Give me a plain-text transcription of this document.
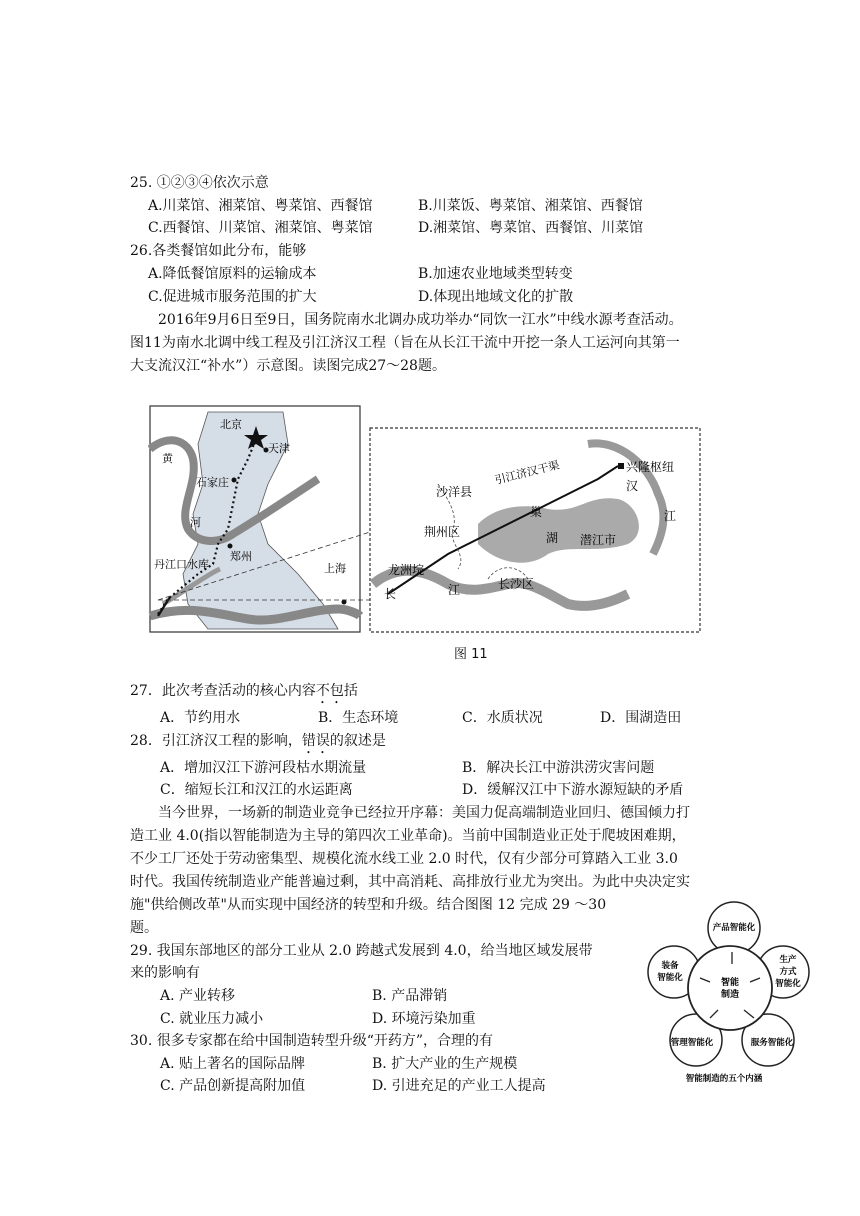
25. ①②③④依次示意
A.川菜馆、湘菜馆、粤菜馆、西餐馆	B.川菜饭、粤菜馆、湘菜馆、西餐馆
C.西餐馆、川菜馆、湘菜馆、粤菜馆	D.湘菜馆、粤菜馆、西餐馆、川菜馆
26.各类餐馆如此分布，能够
A.降低餐馆原料的运输成本	B.加速农业地域类型转变
C.促进城市服务范围的扩大	D.体现出地域文化的扩散
2016年9月6日至9日，国务院南水北调办成功举办“同饮一江水”中线水源考查活动。
图11为南水北调中线工程及引江济汉工程（旨在从长江干流中开挖一条人工运河向其第一
大支流汉江“补水”）示意图。读图完成27～28题。
北京
天津
黄
石家庄
河
郑州
丹江口水库	上海
兴隆枢纽
汉
江
沙洋县
引江济汉干渠
荆州区
巢
湖 潜江市
龙洲垸
长	江	长沙区
图 11
27．此次考查活动的核心内容不包括
A．节约用水	B．生态环境	C．水质状况	D．围湖造田
28．引江济汉工程的影响，错误的叙述是
A．增加汉江下游河段枯水期流量	B．解决长江中游洪涝灾害问题
C．缩短长江和汉江的水运距离	D．缓解汉江中下游水源短缺的矛盾
当今世界，一场新的制造业竞争已经拉开序幕：美国力促高端制造业回归、德国倾力打
造工业 4.0(指以智能制造为主导的第四次工业革命)。当前中国制造业正处于爬坡困难期，
不少工厂还处于劳动密集型、规模化流水线工业 2.0 时代，仅有少部分可算踏入工业 3.0
时代。我国传统制造业产能普遍过剩，其中高消耗、高排放行业尤为突出。为此中央决定实
施"供给侧改革"从而实现中国经济的转型和升级。结合图图 12 完成 29 ～30
题。
29. 我国东部地区的部分工业从 2.0 跨越式发展到 4.0，给当地区域发展带
来的影响有
A. 产业转移	B. 产品滞销
C. 就业压力减小	D. 环境污染加重
30. 很多专家都在给中国制造转型升级“开药方”，合理的有
A. 贴上著名的国际品牌	B. 扩大产业的生产规模
C. 产品创新提高附加值	D. 引进充足的产业工人提高
智能
制造
产品智能化
生产
方式
智能化
装备
智能化
管理智能化	服务智能化
智能制造的五个内涵
